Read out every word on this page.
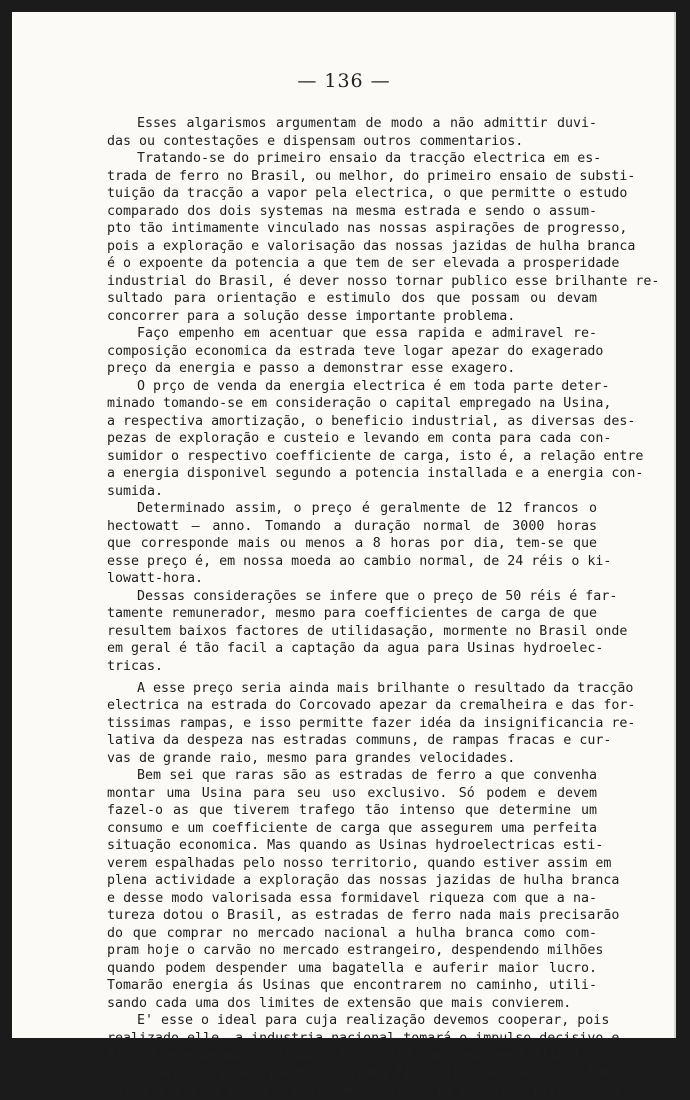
— 136 —
Esses algarismos argumentam de modo a não admittir duvi-
das ou contestações e dispensam outros commentarios.
Tratando-se do primeiro ensaio da tracção electrica em es-
trada de ferro no Brasil, ou melhor, do primeiro ensaio de substi-
tuição da tracção a vapor pela electrica, o que permitte o estudo
comparado dos dois systemas na mesma estrada e sendo o assum-
pto tão intimamente vinculado nas nossas aspirações de progresso,
pois a exploração e valorisação das nossas jazidas de hulha branca
é o expoente da potencia a que tem de ser elevada a prosperidade
industrial do Brasil, é dever nosso tornar publico esse brilhante re-
sultado para orientação e estimulo dos que possam ou devam
concorrer para a solução desse importante problema.
Faço empenho em acentuar que essa rapida e admiravel re-
composição economica da estrada teve logar apezar do exagerado
preço da energia e passo a demonstrar esse exagero.
O prço de venda da energia electrica é em toda parte deter-
minado tomando-se em consideração o capital empregado na Usina,
a respectiva amortização, o beneficio industrial, as diversas des-
pezas de exploração e custeio e levando em conta para cada con-
sumidor o respectivo coefficiente de carga, isto é, a relação entre
a energia disponivel segundo a potencia installada e a energia con-
sumida.
Determinado assim, o preço é geralmente de 12 francos o
hectowatt — anno. Tomando a duração normal de 3000 horas
que corresponde mais ou menos a 8 horas por dia, tem-se que
esse preço é, em nossa moeda ao cambio normal, de 24 réis o ki-
lowatt-hora.
Dessas considerações se infere que o preço de 50 réis é far-
tamente remunerador, mesmo para coefficientes de carga de que
resultem baixos factores de utilidasação, mormente no Brasil onde
em geral é tão facil a captação da agua para Usinas hydroelec-
tricas.
A esse preço seria ainda mais brilhante o resultado da tracção
electrica na estrada do Corcovado apezar da cremalheira e das for-
tissimas rampas, e isso permitte fazer idéa da insignificancia re-
lativa da despeza nas estradas communs, de rampas fracas e cur-
vas de grande raio, mesmo para grandes velocidades.
Bem sei que raras são as estradas de ferro a que convenha
montar uma Usina para seu uso exclusivo. Só podem e devem
fazel-o as que tiverem trafego tão intenso que determine um
consumo e um coefficiente de carga que assegurem uma perfeita
situação economica. Mas quando as Usinas hydroelectricas esti-
verem espalhadas pelo nosso territorio, quando estiver assim em
plena actividade a exploração das nossas jazidas de hulha branca
e desse modo valorisada essa formidavel riqueza com que a na-
tureza dotou o Brasil, as estradas de ferro nada mais precisarão
do que comprar no mercado nacional a hulha branca como com-
pram hoje o carvão no mercado estrangeiro, despendendo milhões
quando podem despender uma bagatella e auferir maior lucro.
Tomarão energia ás Usinas que encontrarem no caminho, utili-
sando cada uma dos limites de extensão que mais convierem.
E' esse o ideal para cuja realização devemos cooperar, pois
realizado elle, a industria nacional tomará o impulso decisivo e
ficará assegurada a situação economica que resolverá afinal o
nosso velho e impertinente problema financeiro de que só se tem
cuidado quando vem a crise, com providencia transitorias, quando
